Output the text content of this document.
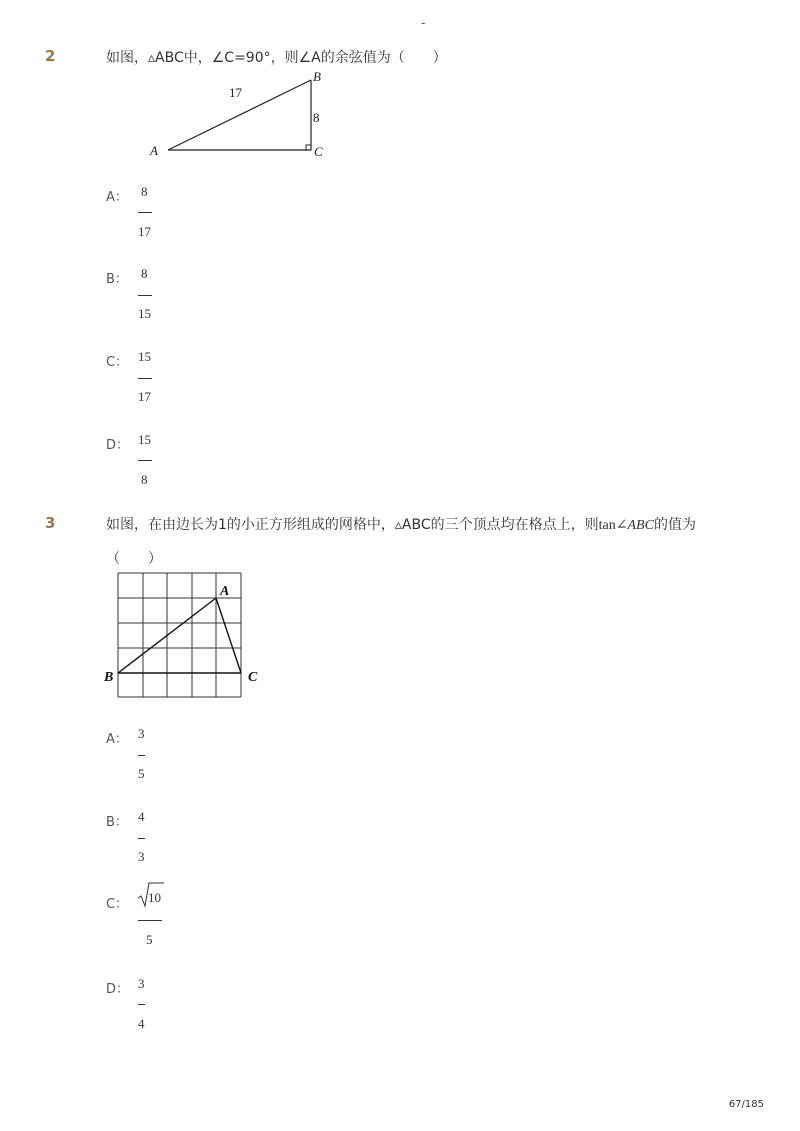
-
2	如图，▵ABC中，∠C=90°，则∠A的余弦值为（　　）
A
B
C
17
8
A： 8
17
B： 8
15
C： 15
17
D： 15
8
3	如图，在由边长为1的小正方形组成的网格中，▵ABC的三个顶点均在格点上，则tan∠ABC的值为
（　　）
A
B	C
A： 3
5
B： 4
3
C： 10
5
D： 3
4
67/185
